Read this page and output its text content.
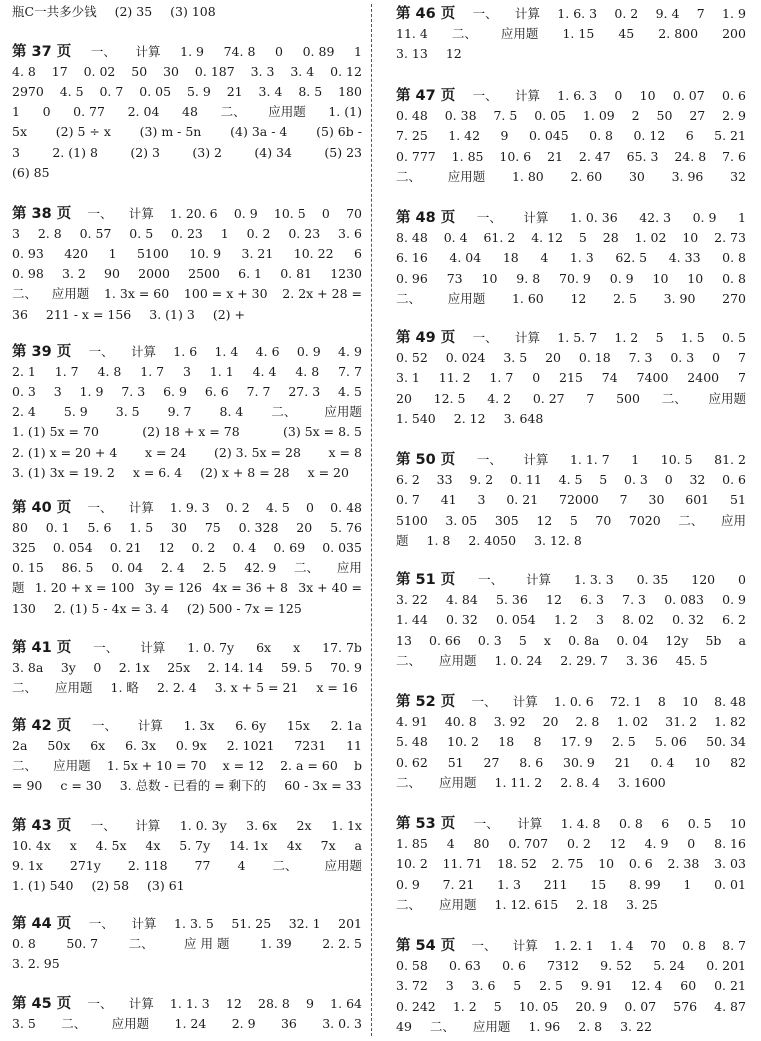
瓶C一共多少钱 (2) 35 (3) 108
第 37 页 一、 计算 1. 9 74. 8 0 0. 89 1
4. 8 17 0. 02 50 30 0. 187 3. 3 3. 4 0. 12
2970 4. 5 0. 7 0. 05 5. 9 21 3. 4 8. 5 180
1 0 0. 77 2. 04 48 二、 应用题 1. (1)
5x (2) 5 ÷ x (3) m - 5n (4) 3a - 4 (5) 6b -
3	2. (1) 8	(2) 3	(3) 2	(4) 34	(5) 23
(6) 85
第 38 页 一、 计算 1. 20. 6 0. 9 10. 5 0 70
3 2. 8 0. 57 0. 5 0. 23 1 0. 2 0. 23 3. 6
0. 93 420 1 5100 10. 9 3. 21 10. 22 6
0. 98 3. 2 90 2000 2500 6. 1 0. 81 1230
二、 应用题 1. 3x = 60 100 = x + 30 2. 2x + 28 =
36 211 - x = 156 3. (1) 3 (2) +
第 39 页 一、 计算 1. 6 1. 4 4. 6 0. 9 4. 9
2. 1 1. 7 4. 8 1. 7 3 1. 1 4. 4 4. 8 7. 7
0. 3 3 1. 9 7. 3 6. 9 6. 6 7. 7 27. 3 4. 5
2. 4 5. 9 3. 5 9. 7 8. 4 二、 应用题
1. (1) 5x = 70	(2) 18 + x = 78	(3) 5x = 8. 5
2. (1) x = 20 + 4 x = 24 (2) 3. 5x = 28 x = 8
3. (1) 3x = 19. 2 x = 6. 4 (2) x + 8 = 28 x = 20
第 40 页 一、 计算 1. 9. 3 0. 2 4. 5 0 0. 48
80 0. 1 5. 6 1. 5 30 75 0. 328 20 5. 76
325 0. 054 0. 21 12 0. 2 0. 4 0. 69 0. 035
0. 15 86. 5 0. 04 2. 4 2. 5 42. 9 二、 应用
题 1. 20 + x = 100 3y = 126 4x = 36 + 8 3x + 40 =
130 2. (1) 5 - 4x = 3. 4 (2) 500 - 7x = 125
第 41 页 一、 计算 1. 0. 7y 6x x 17. 7b
3. 8a 3y 0 2. 1x 25x 2. 14. 14 59. 5 70. 9
二、 应用题 1. 略 2. 2. 4 3. x + 5 = 21 x = 16
第 42 页 一、 计算 1. 3x 6. 6y 15x 2. 1a
2a 50x 6x 6. 3x 0. 9x 2. 1021 7231 11
二、 应用题 1. 5x + 10 = 70 x = 12 2. a = 60 b
= 90 c = 30 3. 总数 - 已看的 = 剩下的 60 - 3x = 33
第 43 页 一、 计算 1. 0. 3y 3. 6x 2x 1. 1x
10. 4x x 4. 5x 4x 5. 7y 14. 1x 4x 7x a
9. 1x 271y 2. 118 77 4 二、 应用题
1. (1) 540 (2) 58 (3) 61
第 44 页 一、 计算 1. 3. 5 51. 25 32. 1 201
0. 8 50. 7 二、 应 用 题 1. 39 2. 2. 5
3. 2. 95
第 45 页 一、 计算 1. 1. 3 12 28. 8 9 1. 64
3. 5 二、 应用题 1. 24 2. 9 36 3. 0. 3
第 46 页 一、 计算 1. 6. 3 0. 2 9. 4 7 1. 9
11. 4 二、 应用题 1. 15 45 2. 800 200
3. 13 12
第 47 页 一、 计算 1. 6. 3 0 10 0. 07 0. 6
0. 48 0. 38 7. 5 0. 05 1. 09 2 50 27 2. 9
7. 25 1. 42 9 0. 045 0. 8 0. 12 6 5. 21
0. 777 1. 85 10. 6 21 2. 47 65. 3 24. 8 7. 6
二、 应用题 1. 80 2. 60 30 3. 96 32
第 48 页 一、 计算 1. 0. 36 42. 3 0. 9 1
8. 48 0. 4 61. 2 4. 12 5 28 1. 02 10 2. 73
6. 16 4. 04 18 4 1. 3 62. 5 4. 33 0. 8
0. 96 73 10 9. 8 70. 9 0. 9 10 10 0. 8
二、 应用题 1. 60 12 2. 5 3. 90 270
第 49 页 一、 计算 1. 5. 7 1. 2 5 1. 5 0. 5
0. 52 0. 024 3. 5 20 0. 18 7. 3 0. 3 0 7
3. 1 11. 2 1. 7 0 215 74 7400 2400 7
20 12. 5 4. 2 0. 27 7 500 二、 应用题
1. 540 2. 12 3. 648
第 50 页 一、 计算 1. 1. 7 1 10. 5 81. 2
6. 2 33 9. 2 0. 11 4. 5 5 0. 3 0 32 0. 6
0. 7 41 3 0. 21 72000 7 30 601 51
5100 3. 05 305 12 5 70 7020 二、 应用
题 1. 8 2. 4050 3. 12. 8
第 51 页 一、 计算 1. 3. 3 0. 35 120 0
3. 22 4. 84 5. 36 12 6. 3 7. 3 0. 083 0. 9
1. 44 0. 32 0. 054 1. 2 3 8. 02 0. 32 6. 2
13 0. 66 0. 3 5 x 0. 8a 0. 04 12y 5b a
二、 应用题 1. 0. 24 2. 29. 7 3. 36 45. 5
第 52 页 一、 计算 1. 0. 6 72. 1 8 10 8. 48
4. 91 40. 8 3. 92 20 2. 8 1. 02 31. 2 1. 82
5. 48 10. 2 18 8 17. 9 2. 5 5. 06 50. 34
0. 62 51 27 8. 6 30. 9 21 0. 4 10 82
二、 应用题 1. 11. 2 2. 8. 4 3. 1600
第 53 页 一、 计算 1. 4. 8 0. 8 6 0. 5 10
1. 85 4 80 0. 707 0. 2 12 4. 9 0 8. 16
10. 2 11. 71 18. 52 2. 75 10 0. 6 2. 38 3. 03
0. 9 7. 21 1. 3 211 15 8. 99 1 0. 01
二、 应用题 1. 12. 615 2. 18 3. 25
第 54 页 一、 计算 1. 2. 1 1. 4 70 0. 8 8. 7
0. 58 0. 63 0. 6 7312 9. 52 5. 24 0. 201
3. 72 3 3. 6 5 2. 5 9. 91 12. 4 60 0. 21
0. 242 1. 2 5 10. 05 20. 9 0. 07 576 4. 87
49 二、 应用题 1. 96 2. 8 3. 22
